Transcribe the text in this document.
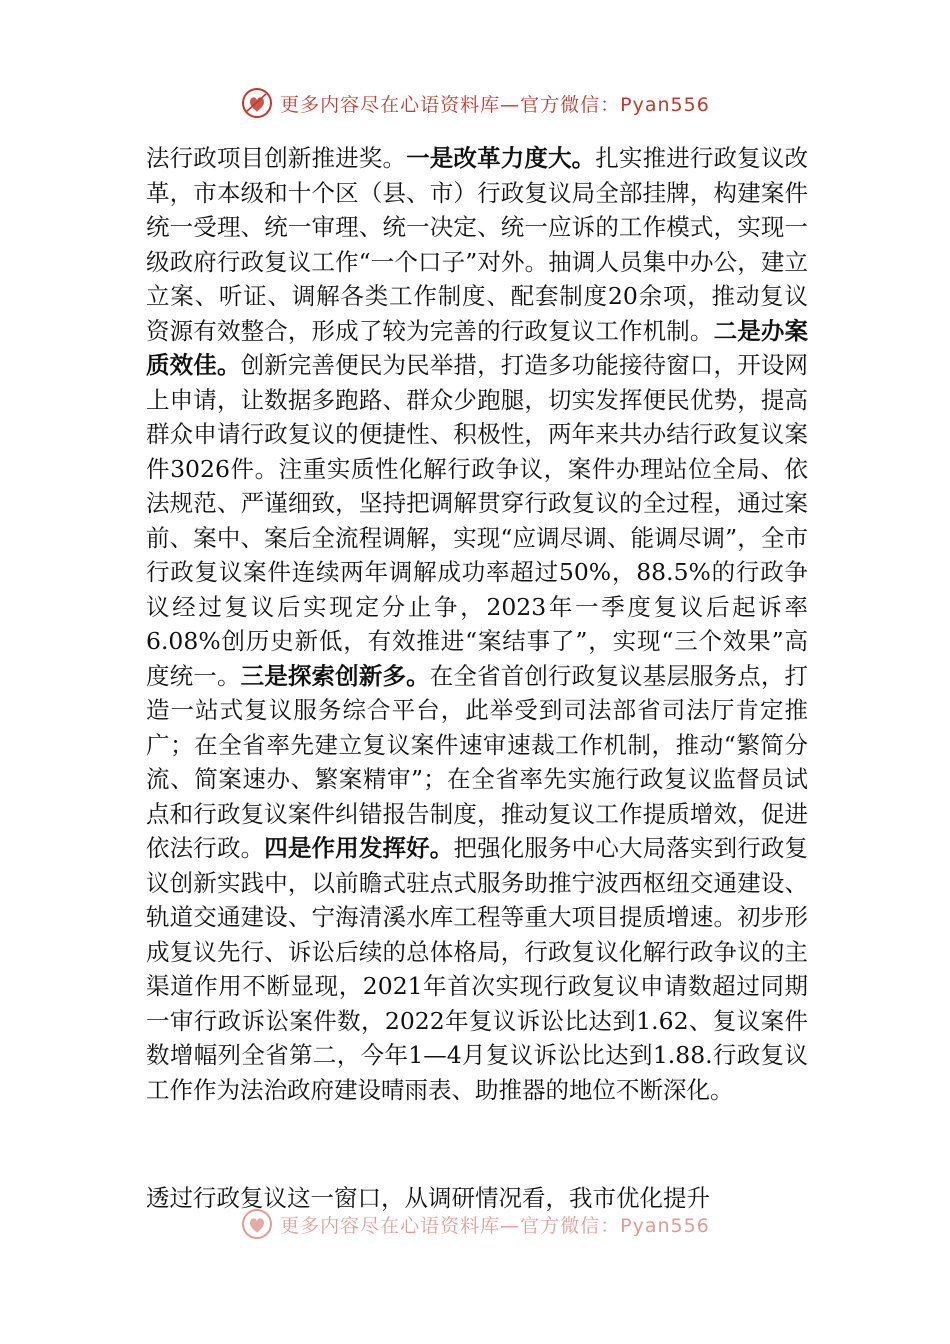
更多内容尽在心语资料库—官方微信：Pyan556

法行政项目创新推进奖。一是改革力度大。扎实推进行政复议改革，市本级和十个区（县、市）行政复议局全部挂牌，构建案件统一受理、统一审理、统一决定、统一应诉的工作模式，实现一级政府行政复议工作“一个口子”对外。抽调人员集中办公，建立立案、听证、调解各类工作制度、配套制度20余项，推动复议资源有效整合，形成了较为完善的行政复议工作机制。二是办案质效佳。创新完善便民为民举措，打造多功能接待窗口，开设网上申请，让数据多跑路、群众少跑腿，切实发挥便民优势，提高群众申请行政复议的便捷性、积极性，两年来共办结行政复议案件3026件。注重实质性化解行政争议，案件办理站位全局、依法规范、严谨细致，坚持把调解贯穿行政复议的全过程，通过案前、案中、案后全流程调解，实现“应调尽调、能调尽调”，全市行政复议案件连续两年调解成功率超过50%，88.5%的行政争议经过复议后实现定分止争，2023年一季度复议后起诉率6.08%创历史新低，有效推进“案结事了”，实现“三个效果”高度统一。三是探索创新多。在全省首创行政复议基层服务点，打造一站式复议服务综合平台，此举受到司法部省司法厅肯定推广；在全省率先建立复议案件速审速裁工作机制，推动“繁简分流、简案速办、繁案精审”；在全省率先实施行政复议监督员试点和行政复议案件纠错报告制度，推动复议工作提质增效，促进依法行政。四是作用发挥好。把强化服务中心大局落实到行政复议创新实践中，以前瞻式驻点式服务助推宁波西枢纽交通建设、轨道交通建设、宁海清溪水库工程等重大项目提质增速。初步形成复议先行、诉讼后续的总体格局，行政复议化解行政争议的主渠道作用不断显现，2021年首次实现行政复议申请数超过同期一审行政诉讼案件数，2022年复议诉讼比达到1.62、复议案件数增幅列全省第二，今年1—4月复议诉讼比达到1.88.行政复议工作作为法治政府建设晴雨表、助推器的地位不断深化。

透过行政复议这一窗口，从调研情况看，我市优化提升

更多内容尽在心语资料库—官方微信：Pyan556
